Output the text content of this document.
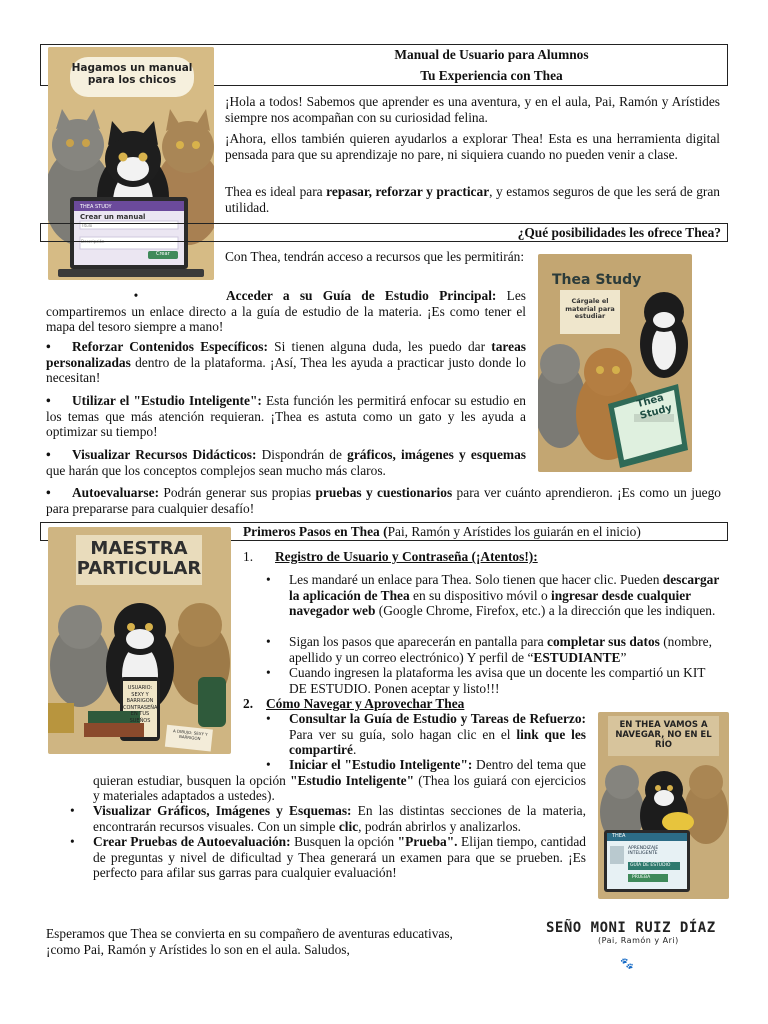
Manual de Usuario para Alumnos
Tu Experiencia con Thea
Hagamos un manual para los chicos
THEA STUDY
Crear un manual
Título
Descripción
Crear

¡Hola a todos! Sabemos que aprender es una aventura, y en el aula, Pai, Ramón y Arístides siempre nos acompañan con su curiosidad felina.

¡Ahora, ellos también quieren ayudarlos a explorar Thea! Esta es una herramienta digital pensada para que su aprendizaje no pare, ni siquiera cuando no pueden venir a clase.

Thea es ideal para repasar, reforzar y practicar, y estamos seguros de que les será de gran utilidad.

¿Qué posibilidades les ofrece Thea?

Con Thea, tendrán acceso a recursos que les permitirán:

Thea Study
Cárgale el material para estudiar
Thea Study
•	Acceder a su Guía de Estudio Principal: Les compartiremos un enlace directo a la guía de estudio de la materia. ¡Es como tener el mapa del tesoro siempre a mano!
• Reforzar Contenidos Específicos: Si tienen alguna duda, les puedo dar tareas personalizadas dentro de la plataforma. ¡Así, Thea les ayuda a practicar justo donde lo necesitan!
• Utilizar el "Estudio Inteligente": Esta función les permitirá enfocar su estudio en los temas que más atención requieran. ¡Thea es astuta como un gato y les ayuda a optimizar su tiempo!
• Visualizar Recursos Didácticos: Dispondrán de gráficos, imágenes y esquemas que harán que los conceptos complejos sean mucho más claros.
• Autoevaluarse: Podrán generar sus propias pruebas y cuestionarios para ver cuánto aprendieron. ¡Es como un juego para prepararse para cualquier desafío!
Primeros Pasos en Thea (Pai, Ramón y Arístides los guiarán en el inicio)
MAESTRA PARTICULAR
USUARIO: SEXY Y BARRIGON CONTRASEÑA EN TUS SUEÑOS
A DIBUJO: SEXY Y BARRIGON
1. Registro de Usuario y Contraseña (¡Atentos!):
• Les mandaré un enlace para Thea. Solo tienen que hacer clic. Pueden descargar la aplicación de Thea en su dispositivo móvil o ingresar desde cualquier navegador web (Google Chrome, Firefox, etc.) a la dirección que les indiquen.
• Sigan los pasos que aparecerán en pantalla para completar sus datos (nombre, apellido y un correo electrónico) Y perfil de “ESTUDIANTE”
• Cuando ingresen la plataforma les avisa que un docente les compartió un KIT DE ESTUDIO. Ponen aceptar y listo!!!
2. Cómo Navegar y Aprovechar Thea
• Consultar la Guía de Estudio y Tareas de Refuerzo: Para ver su guía, solo hagan clic en el link que les compartiré.
•	Iniciar el "Estudio Inteligente": Dentro del tema que quieran estudiar, busquen la opción "Estudio Inteligente" (Thea los guiará con ejercicios y materiales adaptados a ustedes).
• Visualizar Gráficos, Imágenes y Esquemas: En las distintas secciones de la materia, encontrarán recursos visuales. Con un simple clic, podrán abrirlos y analizarlos.
• Crear Pruebas de Autoevaluación: Busquen la opción "Prueba". Elijan tiempo, cantidad de preguntas y nivel de dificultad y Thea generará un examen para que se prueben. ¡Es perfecto para afilar sus garras para cualquier evaluación!
EN THEA VAMOS A NAVEGAR, NO EN EL RÍO
THEA
APRENDIZAJE INTELIGENTE
GUÍA DE ESTUDIO
PRUEBA
Esperamos que Thea se convierta en su compañero de aventuras educativas,
¡como Pai, Ramón y Arístides lo son en el aula. Saludos,
SEÑO MONI RUIZ DÍAZ
(Pai, Ramón y Ari)
🐾
